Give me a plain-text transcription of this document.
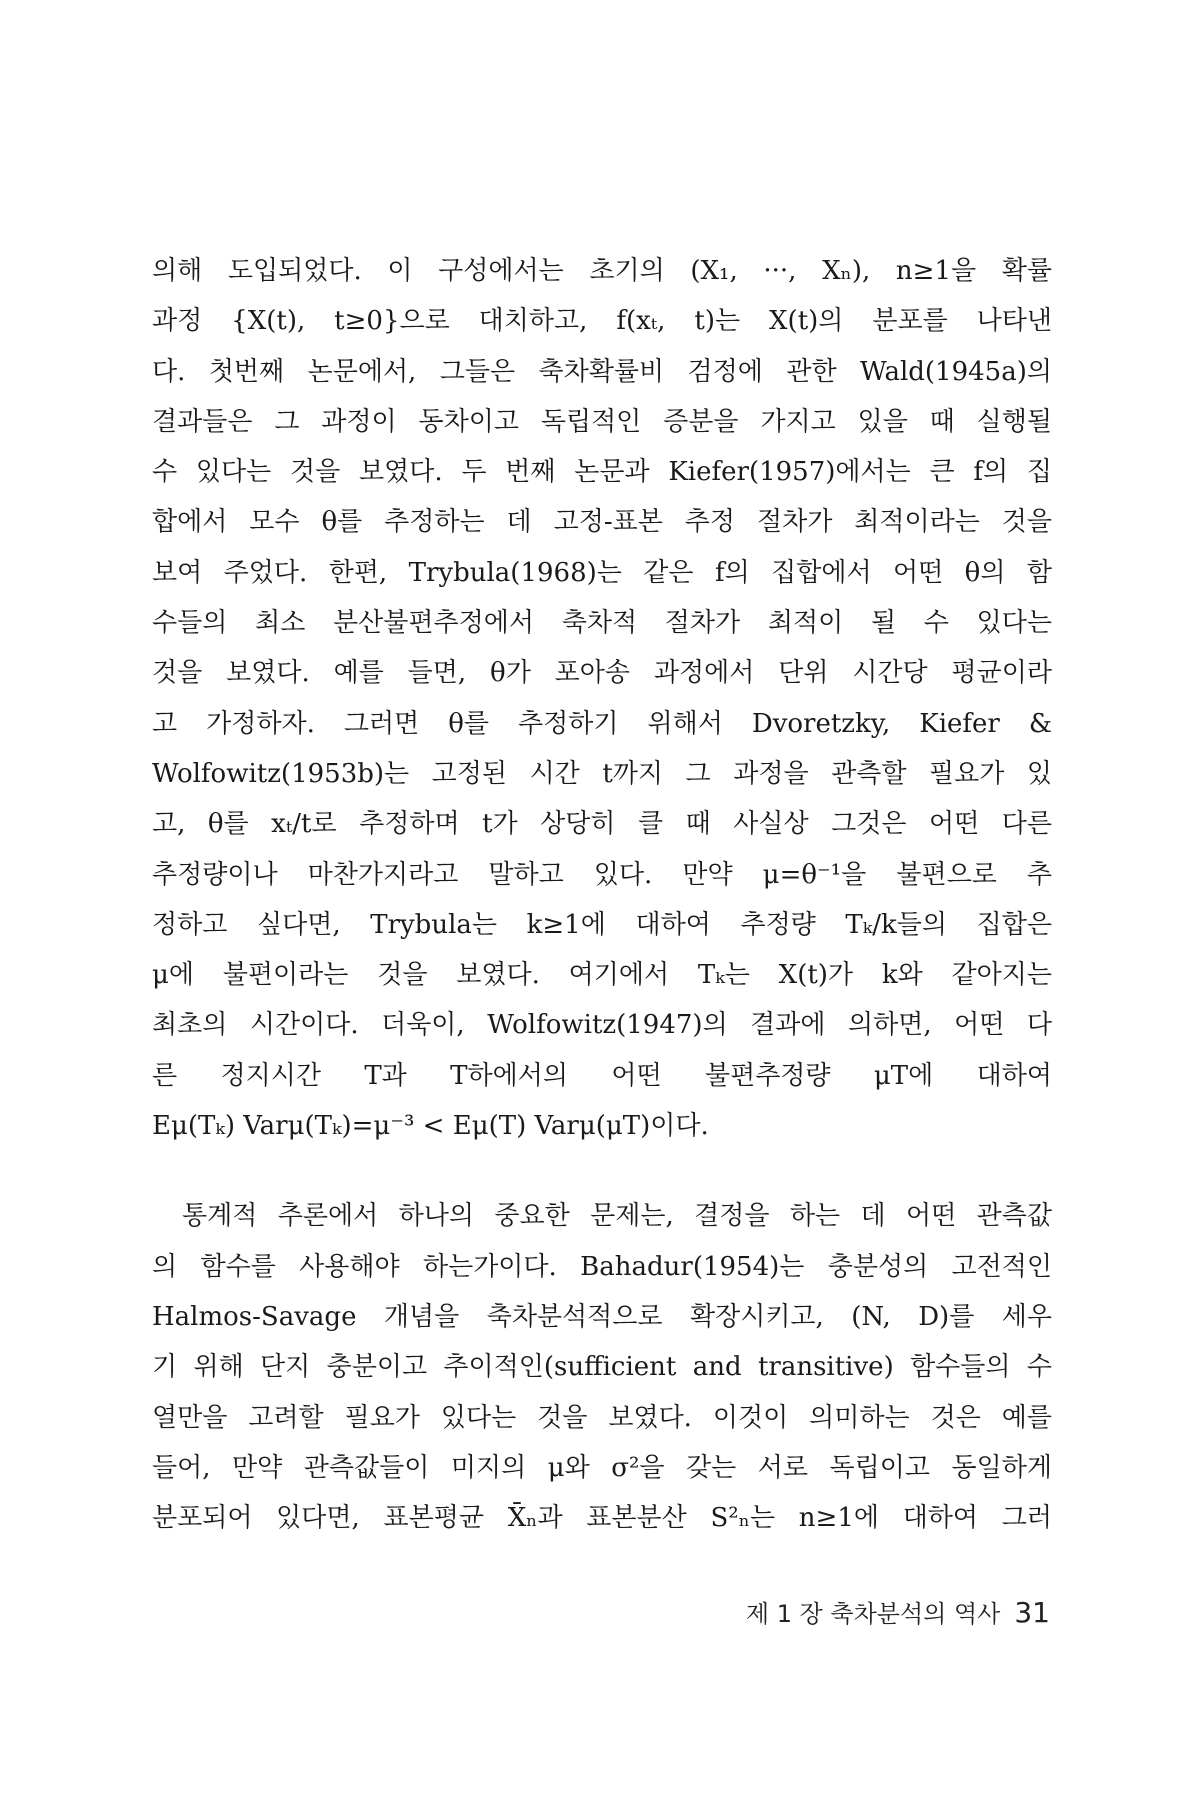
의해 도입되었다. 이 구성에서는 초기의 (X₁, ···, Xₙ), n≥1을 확률
과정 {X(t), t≥0}으로 대치하고, f(xₜ, t)는 X(t)의 분포를 나타낸
다. 첫번째 논문에서, 그들은 축차확률비 검정에 관한 Wald(1945a)의
결과들은 그 과정이 동차이고 독립적인 증분을 가지고 있을 때 실행될
수 있다는 것을 보였다. 두 번째 논문과 Kiefer(1957)에서는 큰 f의 집
합에서 모수 θ를 추정하는 데 고정-표본 추정 절차가 최적이라는 것을
보여 주었다. 한편, Trybula(1968)는 같은 f의 집합에서 어떤 θ의 함
수들의 최소 분산불편추정에서 축차적 절차가 최적이 될 수 있다는
것을 보였다. 예를 들면, θ가 포아송 과정에서 단위 시간당 평균이라
고 가정하자. 그러면 θ를 추정하기 위해서 Dvoretzky, Kiefer &
Wolfowitz(1953b)는 고정된 시간 t까지 그 과정을 관측할 필요가 있
고, θ를 xₜ/t로 추정하며 t가 상당히 클 때 사실상 그것은 어떤 다른
추정량이나 마찬가지라고 말하고 있다. 만약 μ=θ⁻¹을 불편으로 추
정하고 싶다면, Trybula는 k≥1에 대하여 추정량 Tₖ/k들의 집합은
μ에 불편이라는 것을 보였다. 여기에서 Tₖ는 X(t)가 k와 같아지는
최초의 시간이다. 더욱이, Wolfowitz(1947)의 결과에 의하면, 어떤 다
른 정지시간 T과 T하에서의 어떤 불편추정량 μT에 대하여
Eμ(Tₖ) Varμ(Tₖ)=μ⁻³ < Eμ(T) Varμ(μT)이다.
통계적 추론에서 하나의 중요한 문제는, 결정을 하는 데 어떤 관측값
의 함수를 사용해야 하는가이다. Bahadur(1954)는 충분성의 고전적인
Halmos-Savage 개념을 축차분석적으로 확장시키고, (N, D)를 세우
기 위해 단지 충분이고 추이적인(sufficient and transitive) 함수들의 수
열만을 고려할 필요가 있다는 것을 보였다. 이것이 의미하는 것은 예를
들어, 만약 관측값들이 미지의 μ와 σ²을 갖는 서로 독립이고 동일하게
분포되어 있다면, 표본평균 X̄ₙ과 표본분산 S²ₙ는 n≥1에 대하여 그러
제 1 장 축차분석의 역사 31
